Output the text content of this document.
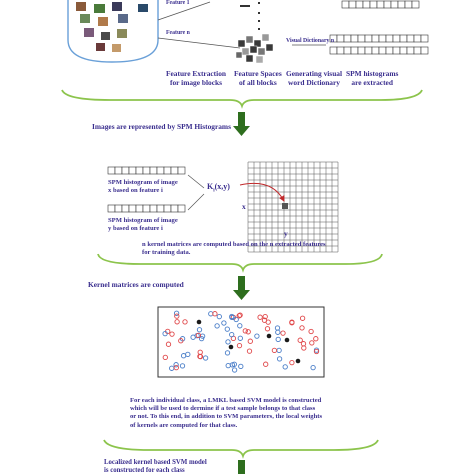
Feature 1
Feature n
Visual Dictionary n
Feature Extraction
for image blocks
Feature Spaces
of all blocks
Generating visual
word Dictionary
SPM histograms
are extracted
Images are represented by SPM Histograms
SPM histogram of image
x based on feature i
SPM histogram of image
y based on feature i
$K_i(x,y)$
x
y
n kernel matrices are computed based on the n extracted features
for training data.
Kernel matrices are computed
For each individual class, a LMKL based SVM model is constructed
which will be used to dermine if a test sample belongs to that class
or not. To this end, in addition to SVM parameters, the local weights
of kernels are computed for that class.
Localized kernel based SVM model
is constructed for each class
